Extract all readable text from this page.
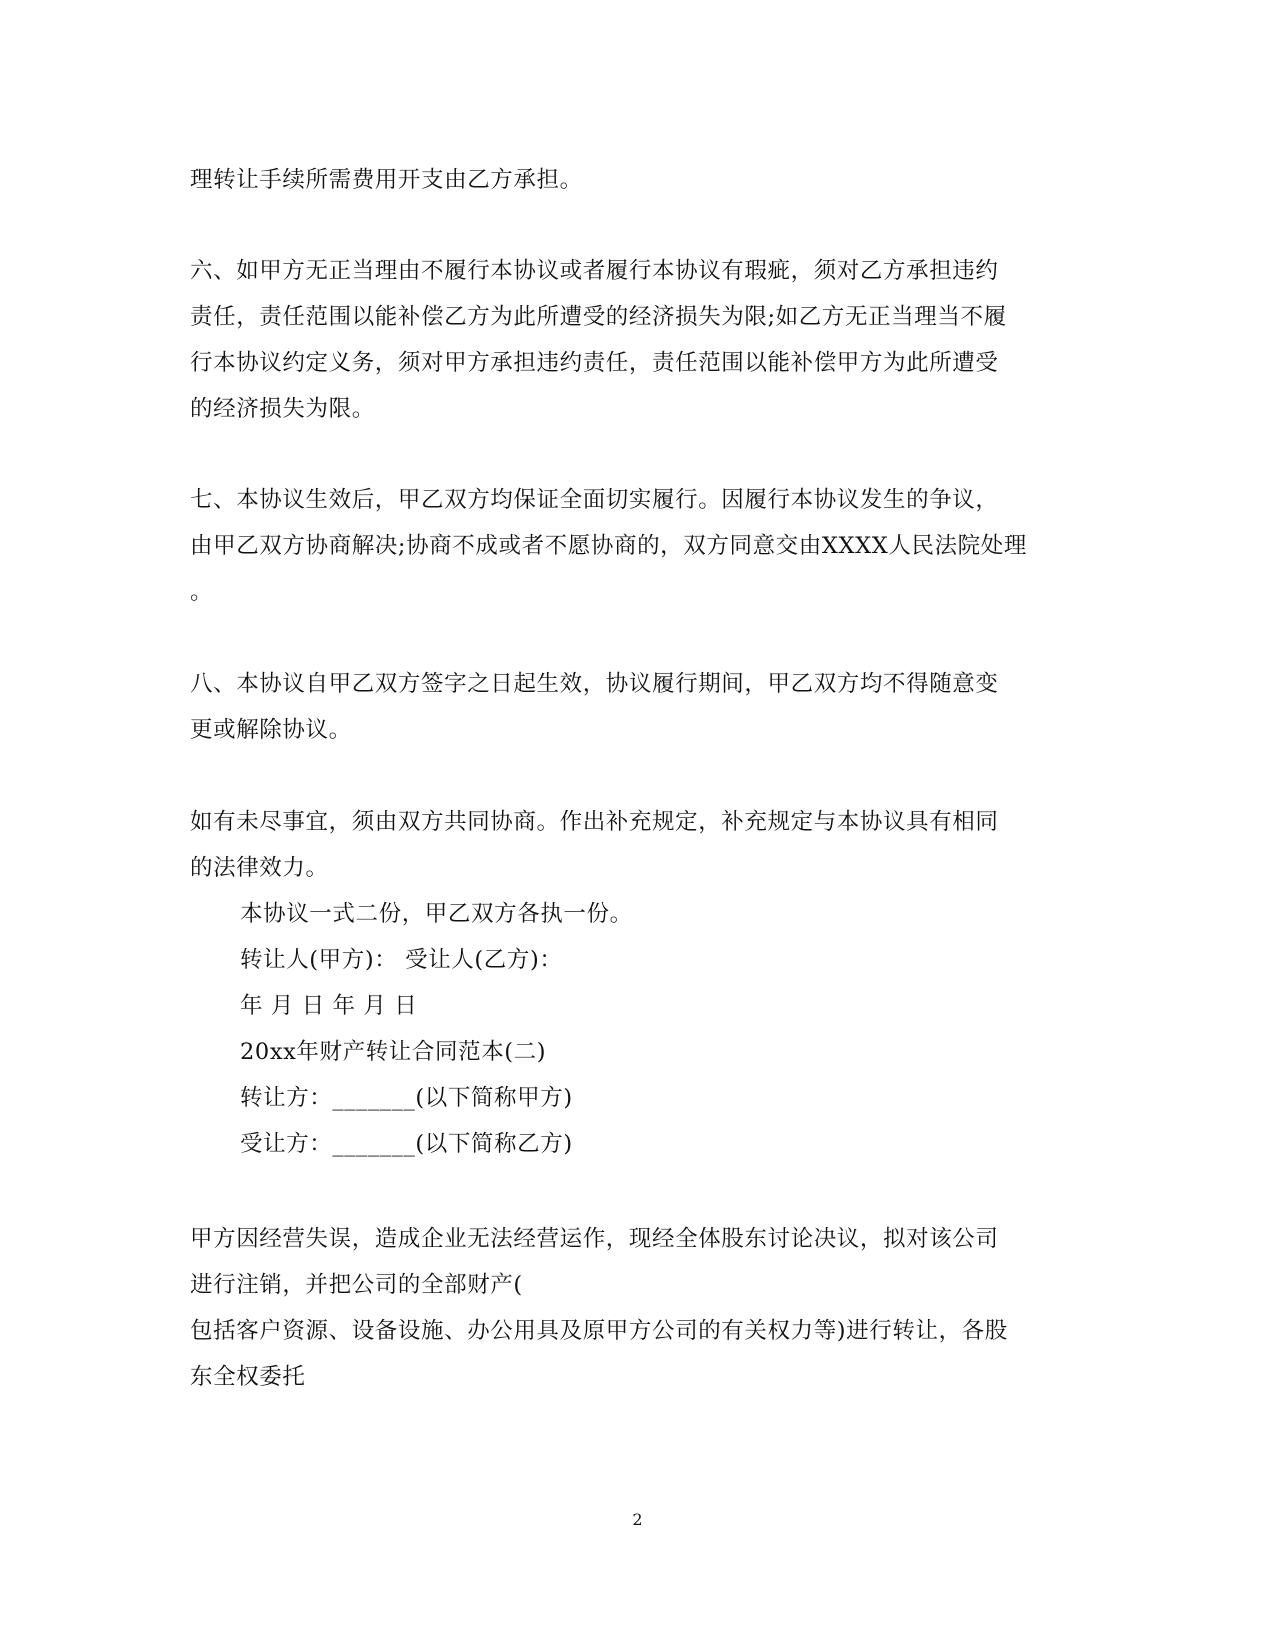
理转让手续所需费用开支由乙方承担。
六、如甲方无正当理由不履行本协议或者履行本协议有瑕疵，须对乙方承担违约
责任，责任范围以能补偿乙方为此所遭受的经济损失为限;如乙方无正当理当不履
行本协议约定义务，须对甲方承担违约责任，责任范围以能补偿甲方为此所遭受
的经济损失为限。
七、本协议生效后，甲乙双方均保证全面切实履行。因履行本协议发生的争议，
由甲乙双方协商解决;协商不成或者不愿协商的，双方同意交由XXXX人民法院处理
。
八、本协议自甲乙双方签字之日起生效，协议履行期间，甲乙双方均不得随意变
更或解除协议。
如有未尽事宜，须由双方共同协商。作出补充规定，补充规定与本协议具有相同
的法律效力。
本协议一式二份，甲乙双方各执一份。
转让人(甲方)： 受让人(乙方)：
年 月 日 年 月 日
20xx年财产转让合同范本(二)
转让方：_______(以下简称甲方)
受让方：_______(以下简称乙方)
甲方因经营失误，造成企业无法经营运作，现经全体股东讨论决议，拟对该公司
进行注销，并把公司的全部财产(
包括客户资源、设备设施、办公用具及原甲方公司的有关权力等)进行转让，各股
东全权委托
2
